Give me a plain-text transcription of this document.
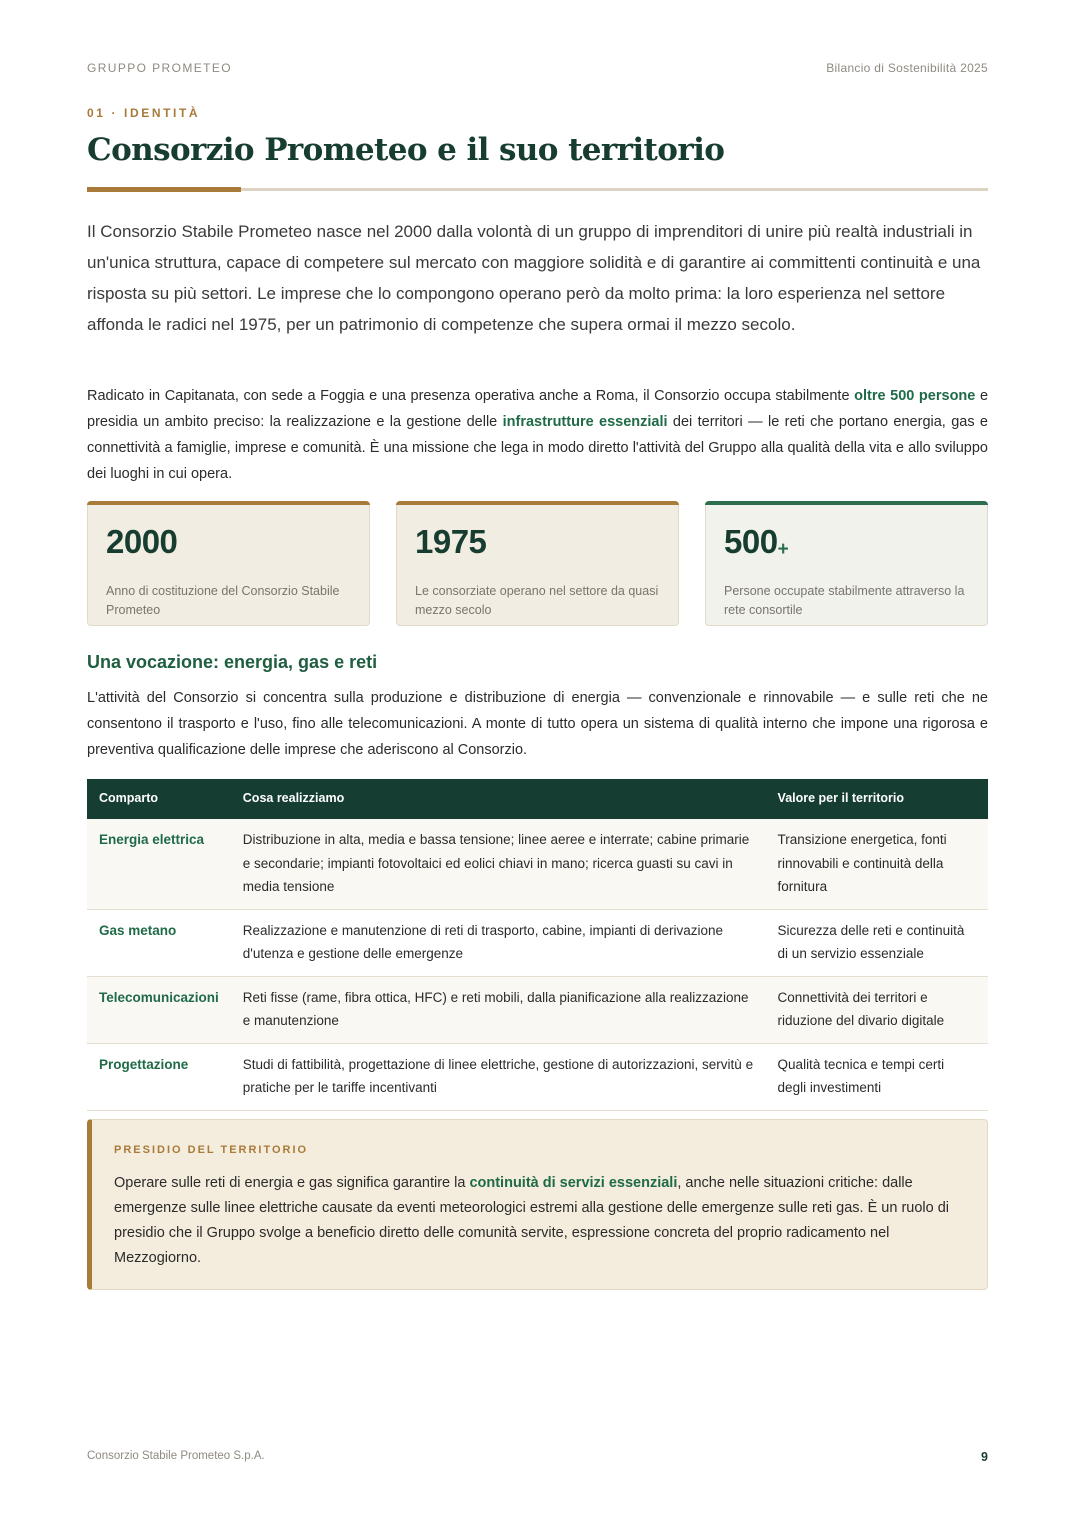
GRUPPO PROMETEO	Bilancio di Sostenibilità 2025
01 · IDENTITÀ
Consorzio Prometeo e il suo territorio

Il Consorzio Stabile Prometeo nasce nel 2000 dalla volontà di un gruppo di imprenditori di unire più realtà industriali in un'unica struttura, capace di competere sul mercato con maggiore solidità e di garantire ai committenti continuità e una risposta su più settori. Le imprese che lo compongono operano però da molto prima: la loro esperienza nel settore affonda le radici nel 1975, per un patrimonio di competenze che supera ormai il mezzo secolo.

Radicato in Capitanata, con sede a Foggia e una presenza operativa anche a Roma, il Consorzio occupa stabilmente oltre 500 persone e presidia un ambito preciso: la realizzazione e la gestione delle infrastrutture essenziali dei territori — le reti che portano energia, gas e connettività a famiglie, imprese e comunità. È una missione che lega in modo diretto l'attività del Gruppo alla qualità della vita e allo sviluppo dei luoghi in cui opera.

2000
Anno di costituzione del Consorzio Stabile Prometeo
1975
Le consorziate operano nel settore da quasi mezzo secolo
500+
Persone occupate stabilmente attraverso la rete consortile
Una vocazione: energia, gas e reti

L'attività del Consorzio si concentra sulla produzione e distribuzione di energia — convenzionale e rinnovabile — e sulle reti che ne consentono il trasporto e l'uso, fino alle telecomunicazioni. A monte di tutto opera un sistema di qualità interno che impone una rigorosa e preventiva qualificazione delle imprese che aderiscono al Consorzio.

Comparto	Cosa realizziamo	Valore per il territorio
Energia elettrica	Distribuzione in alta, media e bassa tensione; linee aeree e interrate; cabine primarie e secondarie; impianti fotovoltaici ed eolici chiavi in mano; ricerca guasti su cavi in media tensione	Transizione energetica, fonti rinnovabili e continuità della fornitura
Gas metano	Realizzazione e manutenzione di reti di trasporto, cabine, impianti di derivazione d'utenza e gestione delle emergenze	Sicurezza delle reti e continuità di un servizio essenziale
Telecomunicazioni	Reti fisse (rame, fibra ottica, HFC) e reti mobili, dalla pianificazione alla realizzazione e manutenzione	Connettività dei territori e riduzione del divario digitale
Progettazione	Studi di fattibilità, progettazione di linee elettriche, gestione di autorizzazioni, servitù e pratiche per le tariffe incentivanti	Qualità tecnica e tempi certi degli investimenti
PRESIDIO DEL TERRITORIO
Operare sulle reti di energia e gas significa garantire la continuità di servizi essenziali, anche nelle situazioni critiche: dalle emergenze sulle linee elettriche causate da eventi meteorologici estremi alla gestione delle emergenze sulle reti gas. È un ruolo di presidio che il Gruppo svolge a beneficio diretto delle comunità servite, espressione concreta del proprio radicamento nel Mezzogiorno.
Consorzio Stabile Prometeo S.p.A.	9
